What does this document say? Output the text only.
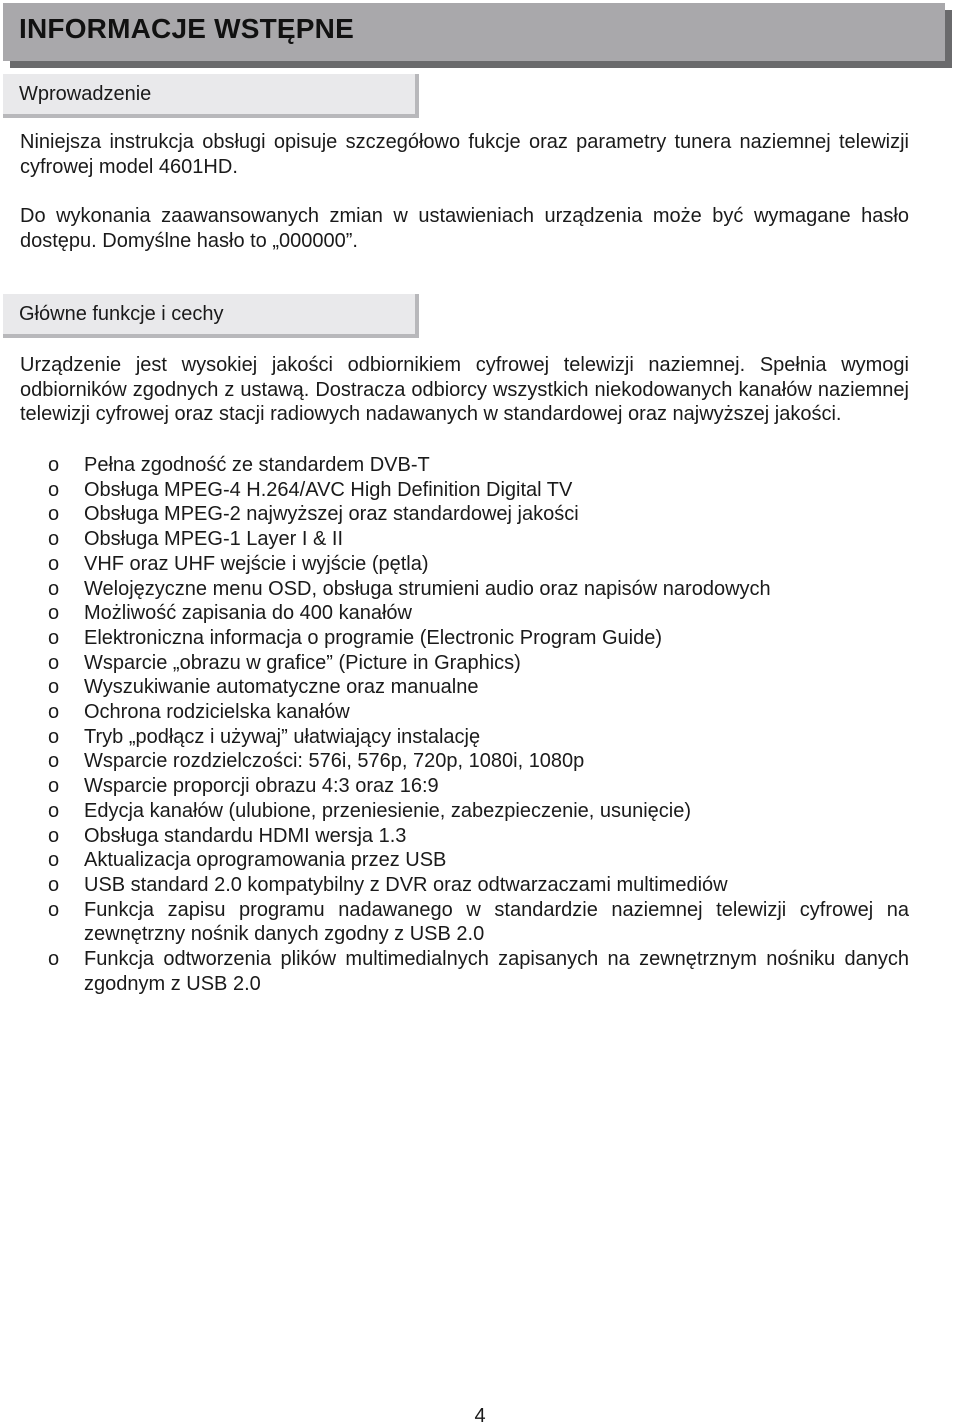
INFORMACJE WSTĘPNE
Wprowadzenie

Niniejsza instrukcja obsługi opisuje szczegółowo fukcje oraz parametry tunera naziemnej telewizji cyfrowej model 4601HD.

Do wykonania zaawansowanych zmian w ustawieniach urządzenia może być wymagane hasło dostępu. Domyślne hasło to „000000”.

Główne funkcje i cechy

Urządzenie jest wysokiej jakości odbiornikiem cyfrowej telewizji naziemnej. Spełnia wymogi odbiorników zgodnych z ustawą. Dostracza odbiorcy wszystkich niekodowanych kanałów naziemnej telewizji cyfrowej oraz stacji radiowych nadawanych w standardowej oraz najwyższej jakości.

o Pełna zgodność ze standardem DVB-T
o Obsługa MPEG-4 H.264/AVC High Definition Digital TV
o Obsługa MPEG-2 najwyższej oraz standardowej jakości
o Obsługa MPEG-1 Layer I & II
o VHF oraz UHF wejście i wyjście (pętla)
o Welojęzyczne menu OSD, obsługa strumieni audio oraz napisów narodowych
o Możliwość zapisania do 400 kanałów
o Elektroniczna informacja o programie (Electronic Program Guide)
o Wsparcie „obrazu w grafice” (Picture in Graphics)
o Wyszukiwanie automatyczne oraz manualne
o Ochrona rodzicielska kanałów
o Tryb „podłącz i używaj” ułatwiający instalację
o Wsparcie rozdzielczości: 576i, 576p, 720p, 1080i, 1080p
o Wsparcie proporcji obrazu 4:3 oraz 16:9
o Edycja kanałów (ulubione, przeniesienie, zabezpieczenie, usunięcie)
o Obsługa standardu HDMI wersja 1.3
o Aktualizacja oprogramowania przez USB
o USB standard 2.0 kompatybilny z DVR oraz odtwarzaczami multimediów
o Funkcja zapisu programu nadawanego w standardzie naziemnej telewizji cyfrowej na zewnętrzny nośnik danych zgodny z USB 2.0
o Funkcja odtworzenia plików multimedialnych zapisanych na zewnętrznym nośniku danych zgodnym z USB 2.0
4
